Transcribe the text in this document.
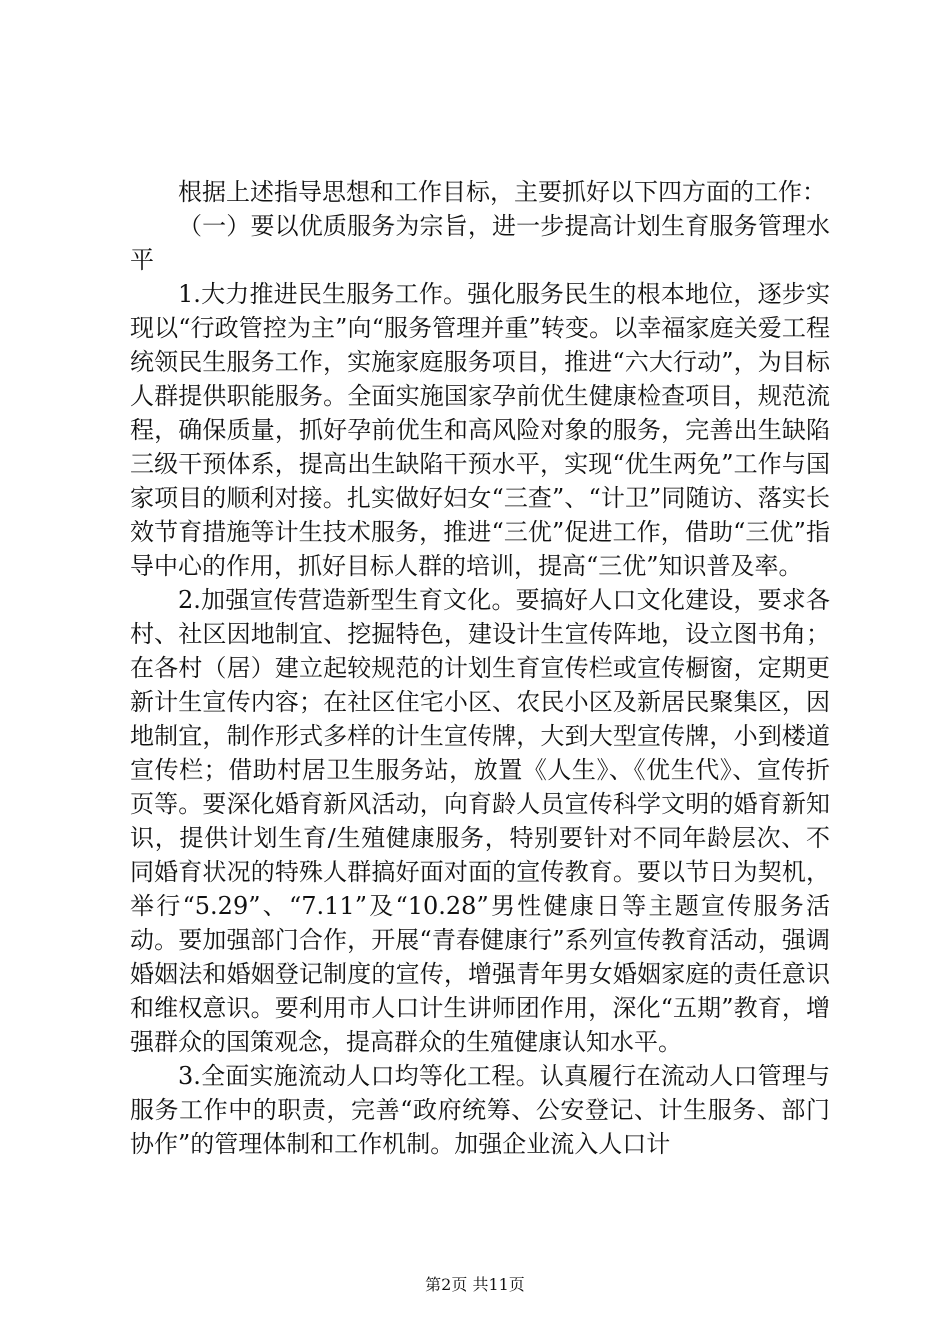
根据上述指导思想和工作目标，主要抓好以下四方面的工作：

（一）要以优质服务为宗旨，进一步提高计划生育服务管理水平

1.大力推进民生服务工作。强化服务民生的根本地位，逐步实现以“行政管控为主”向“服务管理并重”转变。以幸福家庭关爱工程统领民生服务工作，实施家庭服务项目，推进“六大行动”，为目标人群提供职能服务。全面实施国家孕前优生健康检查项目，规范流程，确保质量，抓好孕前优生和高风险对象的服务，完善出生缺陷三级干预体系，提高出生缺陷干预水平，实现“优生两免”工作与国家项目的顺利对接。扎实做好妇女“三查”、“计卫”同随访、落实长效节育措施等计生技术服务，推进“三优”促进工作，借助“三优”指导中心的作用，抓好目标人群的培训，提高“三优”知识普及率。

2.加强宣传营造新型生育文化。要搞好人口文化建设，要求各村、社区因地制宜、挖掘特色，建设计生宣传阵地，设立图书角；在各村（居）建立起较规范的计划生育宣传栏或宣传橱窗，定期更新计生宣传内容；在社区住宅小区、农民小区及新居民聚集区，因地制宜，制作形式多样的计生宣传牌，大到大型宣传牌，小到楼道宣传栏；借助村居卫生服务站，放置《人生》、《优生代》、宣传折页等。要深化婚育新风活动，向育龄人员宣传科学文明的婚育新知识，提供计划生育/生殖健康服务，特别要针对不同年龄层次、不同婚育状况的特殊人群搞好面对面的宣传教育。要以节日为契机，举行“5.29”、“7.11”及“10.28”男性健康日等主题宣传服务活动。要加强部门合作，开展“青春健康行”系列宣传教育活动，强调婚姻法和婚姻登记制度的宣传，增强青年男女婚姻家庭的责任意识和维权意识。要利用市人口计生讲师团作用，深化“五期”教育，增强群众的国策观念，提高群众的生殖健康认知水平。

3.全面实施流动人口均等化工程。认真履行在流动人口管理与服务工作中的职责，完善“政府统筹、公安登记、计生服务、部门协作”的管理体制和工作机制。加强企业流入人口计

第2页 共11页
